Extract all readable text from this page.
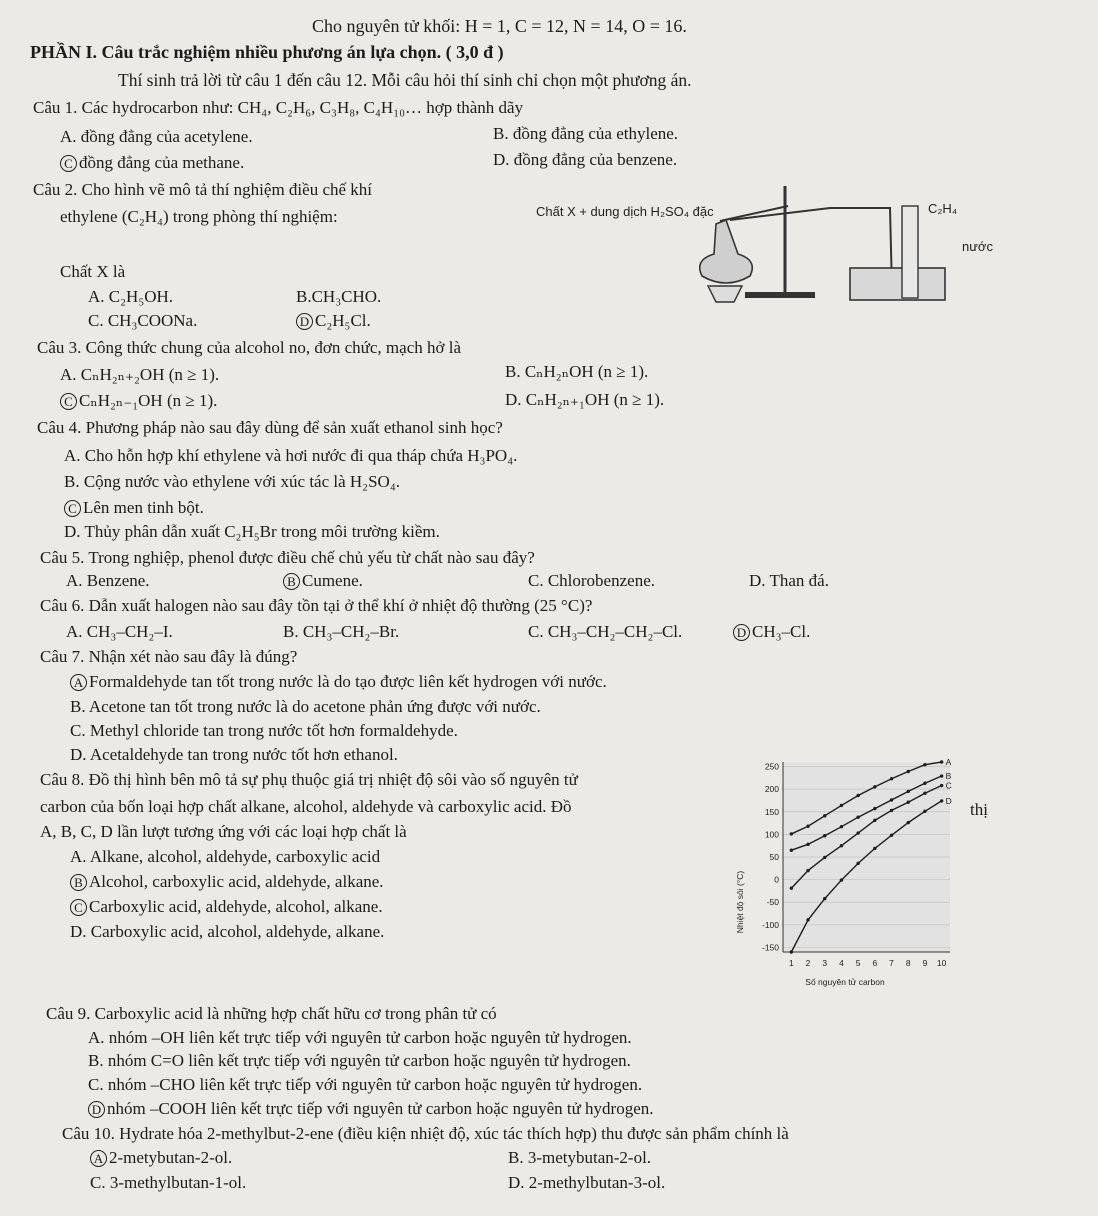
Cho nguyên tử khối: H = 1, C = 12, N = 14, O = 16.
PHẦN I. Câu trắc nghiệm nhiều phương án lựa chọn. ( 3,0 đ )
Thí sinh trả lời từ câu 1 đến câu 12. Mỗi câu hỏi thí sinh chỉ chọn một phương án.
Câu 1. Các hydrocarbon như: CH₄, C₂H₆, C₃H₈, C₄H₁₀… hợp thành dãy
A. đồng đẳng của acetylene.	B. đồng đẳng của ethylene.
C đồng đẳng của methane.	D. đồng đẳng của benzene.
Câu 2. Cho hình vẽ mô tả thí nghiệm điều chế khí
ethylene (C₂H₄) trong phòng thí nghiệm:
Chất X là
A. C₂H₅OH.	B.CH₃CHO.
C. CH₃COONa.	D C₂H₅Cl.
Chất X + dung dịch H₂SO₄ đặc	C₂H₄
nước
Câu 3. Công thức chung của alcohol no, đơn chức, mạch hở là
A. CₙH₂ₙ₊₂OH (n ≥ 1).	B. CₙH₂ₙOH (n ≥ 1).
C CₙH₂ₙ₋₁OH (n ≥ 1).	D. CₙH₂ₙ₊₁OH (n ≥ 1).
Câu 4. Phương pháp nào sau đây dùng để sản xuất ethanol sinh học?
A. Cho hỗn hợp khí ethylene và hơi nước đi qua tháp chứa H₃PO₄.
B. Cộng nước vào ethylene với xúc tác là H₂SO₄.
C Lên men tinh bột.
D. Thủy phân dẫn xuất C₂H₅Br trong môi trường kiềm.
Câu 5. Trong nghiệp, phenol được điều chế chủ yếu từ chất nào sau đây?
A. Benzene.	B Cumene.	C. Chlorobenzene.	D. Than đá.
Câu 6. Dẫn xuất halogen nào sau đây tồn tại ở thể khí ở nhiệt độ thường (25 °C)?
A. CH₃–CH₂–I.	B. CH₃–CH₂–Br.	C. CH₃–CH₂–CH₂–Cl.	D CH₃–Cl.
Câu 7. Nhận xét nào sau đây là đúng?
A Formaldehyde tan tốt trong nước là do tạo được liên kết hydrogen với nước.
B. Acetone tan tốt trong nước là do acetone phản ứng được với nước.
C. Methyl chloride tan trong nước tốt hơn formaldehyde.
D. Acetaldehyde tan trong nước tốt hơn ethanol.
Câu 8. Đồ thị hình bên mô tả sự phụ thuộc giá trị nhiệt độ sôi vào số nguyên tử
carbon của bốn loại hợp chất alkane, alcohol, aldehyde và carboxylic acid. Đồ	thị
A, B, C, D lần lượt tương ứng với các loại hợp chất là
A. Alkane, alcohol, aldehyde, carboxylic acid
B Alcohol, carboxylic acid, aldehyde, alkane.
C Carboxylic acid, aldehyde, alcohol, alkane.
D. Carboxylic acid, alcohol, aldehyde, alkane.
250
200
150
100
50
0
-50
-100
-150
1 2 3 4 5 6 7 8 9 10
A
B
C
D
Số nguyên tử carbon
Nhiệt độ sôi (°C)
Câu 9. Carboxylic acid là những hợp chất hữu cơ trong phân tử có
A. nhóm –OH liên kết trực tiếp với nguyên tử carbon hoặc nguyên tử hydrogen.
B. nhóm C=O liên kết trực tiếp với nguyên tử carbon hoặc nguyên tử hydrogen.
C. nhóm –CHO liên kết trực tiếp với nguyên tử carbon hoặc nguyên tử hydrogen.
D nhóm –COOH liên kết trực tiếp với nguyên tử carbon hoặc nguyên tử hydrogen.
Câu 10. Hydrate hóa 2-methylbut-2-ene (điều kiện nhiệt độ, xúc tác thích hợp) thu được sản phẩm chính là
A 2-metybutan-2-ol.	B. 3-metybutan-2-ol.
C. 3-methylbutan-1-ol.	D. 2-methylbutan-3-ol.
